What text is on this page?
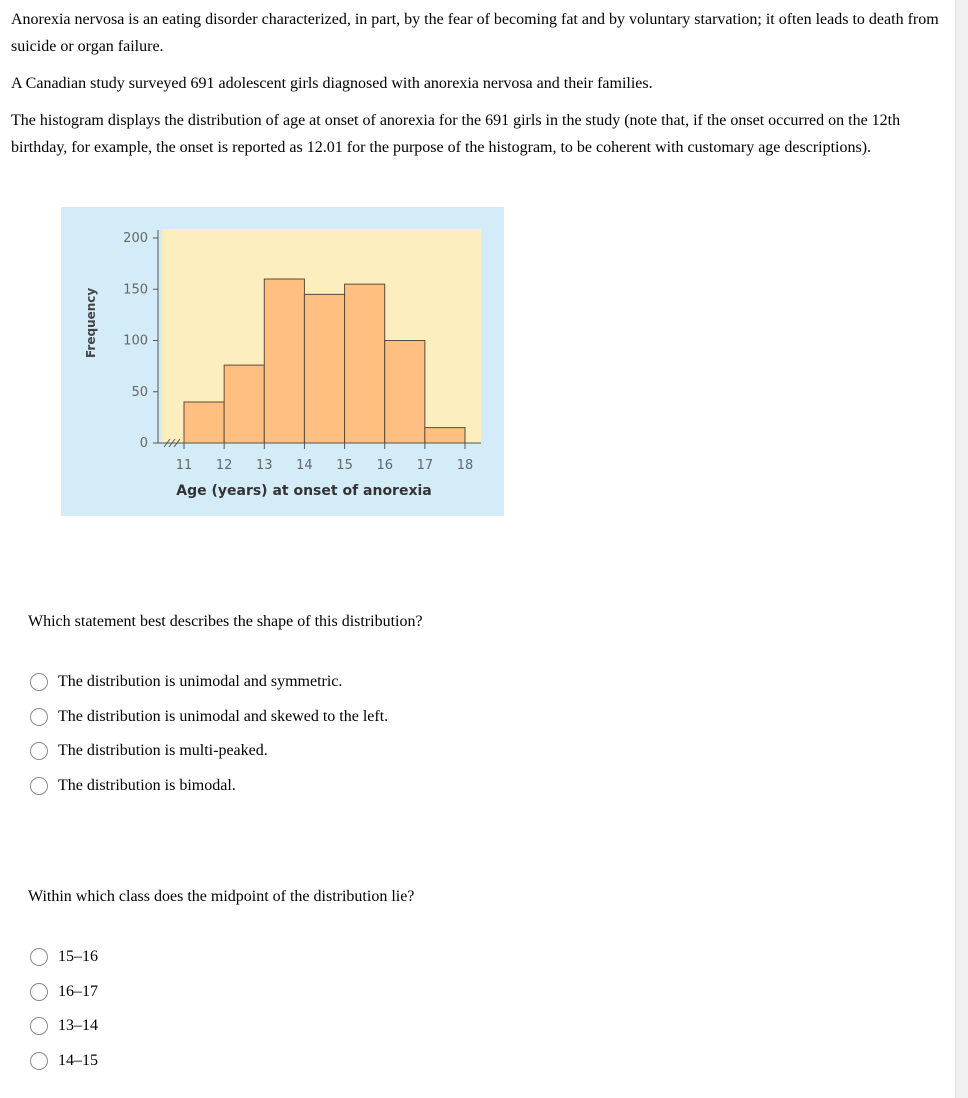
Anorexia nervosa is an eating disorder characterized, in part, by the fear of becoming fat and by voluntary starvation; it often leads to death from suicide or organ failure.

A Canadian study surveyed 691 adolescent girls diagnosed with anorexia nervosa and their families.

The histogram displays the distribution of age at onset of anorexia for the 691 girls in the study (note that, if the onset occurred on the 12th birthday, for example, the onset is reported as 12.01 for the purpose of the histogram, to be coherent with customary age descriptions).

0
50
100
150
200
11 12 13 14 15 16 17 18
Frequency
Age (years) at onset of anorexia
Which statement best describes the shape of this distribution?
The distribution is unimodal and symmetric.
The distribution is unimodal and skewed to the left.
The distribution is multi-peaked.
The distribution is bimodal.
Within which class does the midpoint of the distribution lie?
15–16
16–17
13–14
14–15
